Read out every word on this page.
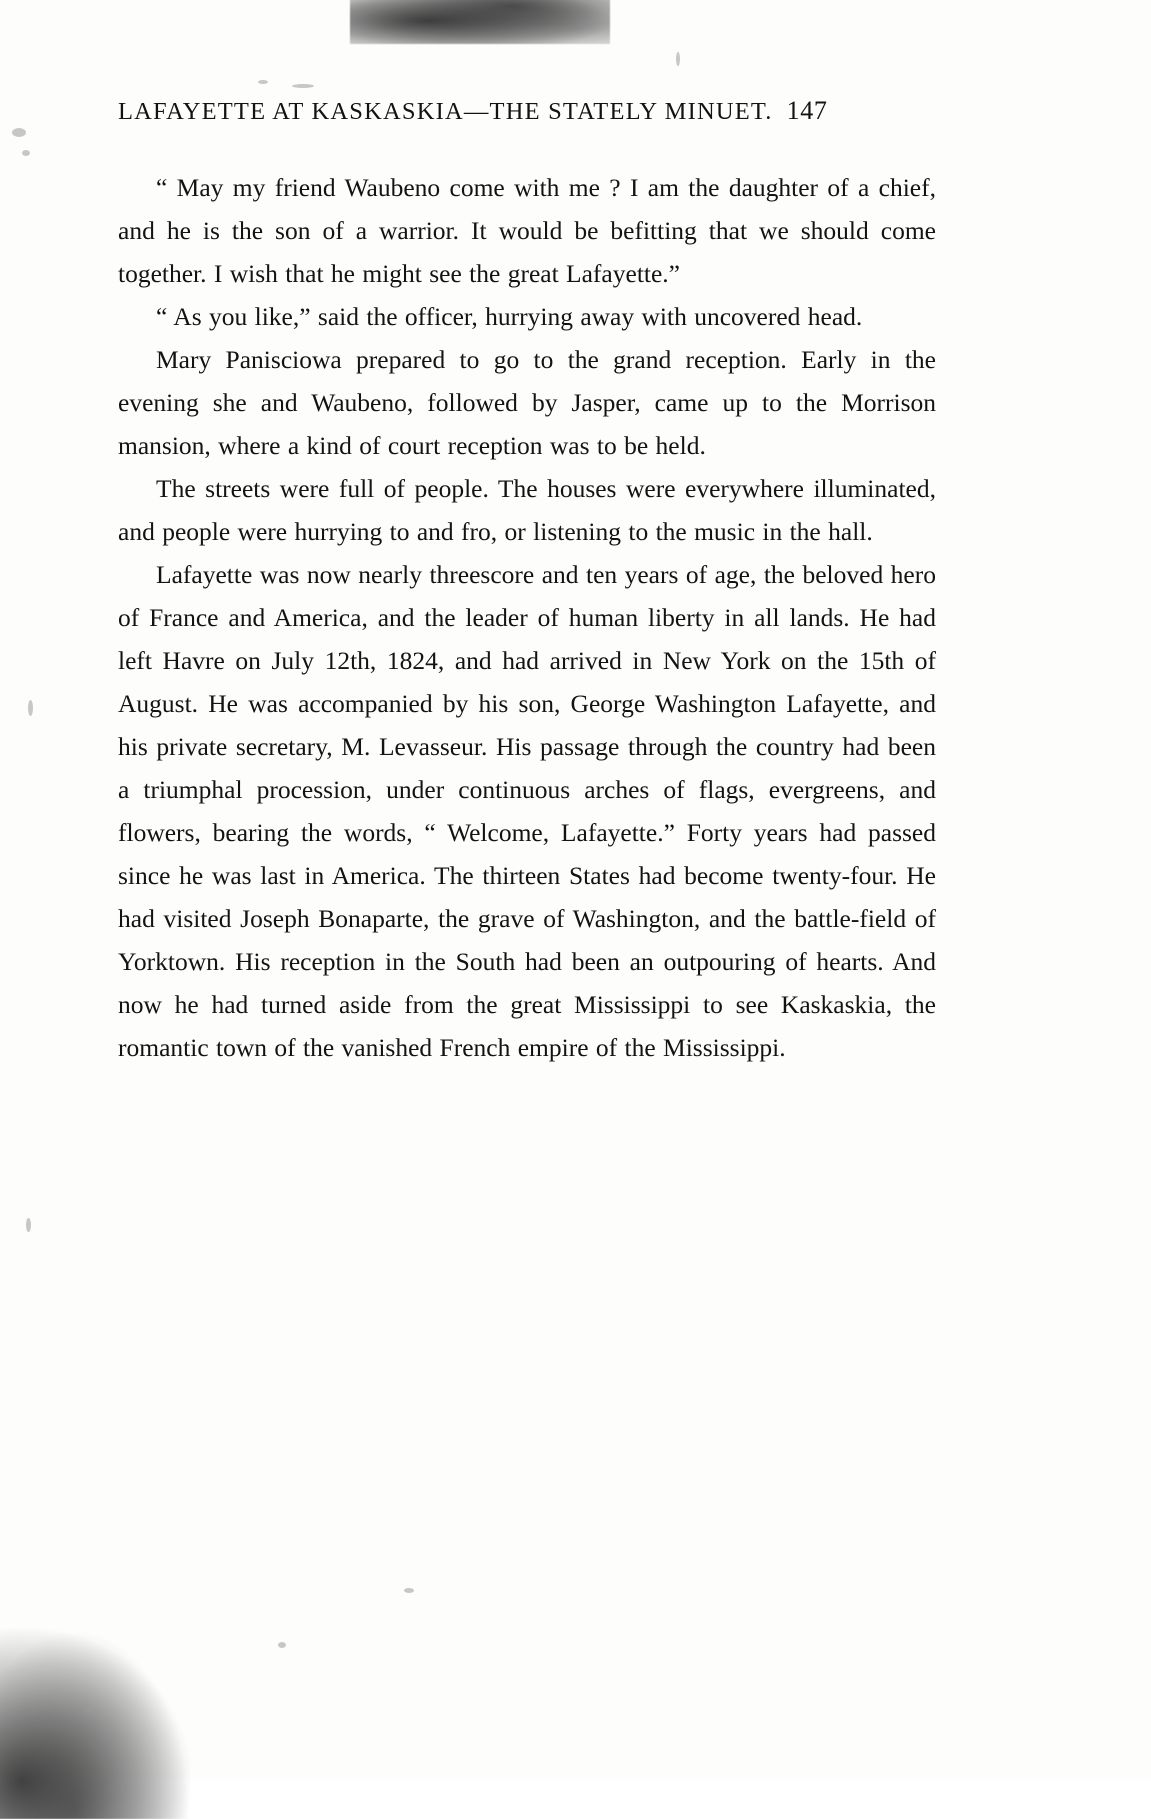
LAFAYETTE AT KASKASKIA—THE STATELY MINUET. 147

“ May my friend Waubeno come with me ? I am the daughter of a chief, and he is the son of a warrior. It would be befitting that we should come together. I wish that he might see the great Lafayette.”

“ As you like,” said the officer, hurrying away with uncovered head.

Mary Panisciowa prepared to go to the grand reception. Early in the evening she and Waubeno, followed by Jasper, came up to the Morrison mansion, where a kind of court reception was to be held.

The streets were full of people. The houses were everywhere illuminated, and people were hurrying to and fro, or listening to the music in the hall.

Lafayette was now nearly threescore and ten years of age, the beloved hero of France and America, and the leader of human liberty in all lands. He had left Havre on July 12th, 1824, and had arrived in New York on the 15th of August. He was accompanied by his son, George Washington Lafayette, and his private secretary, M. Levasseur. His passage through the country had been a triumphal procession, under continuous arches of flags, evergreens, and flowers, bearing the words, “ Welcome, Lafayette.” Forty years had passed since he was last in America. The thirteen States had become twenty-four. He had visited Joseph Bonaparte, the grave of Washington, and the battle-field of Yorktown. His reception in the South had been an outpouring of hearts. And now he had turned aside from the great Mississippi to see Kaskaskia, the romantic town of the vanished French empire of the Mississippi.
